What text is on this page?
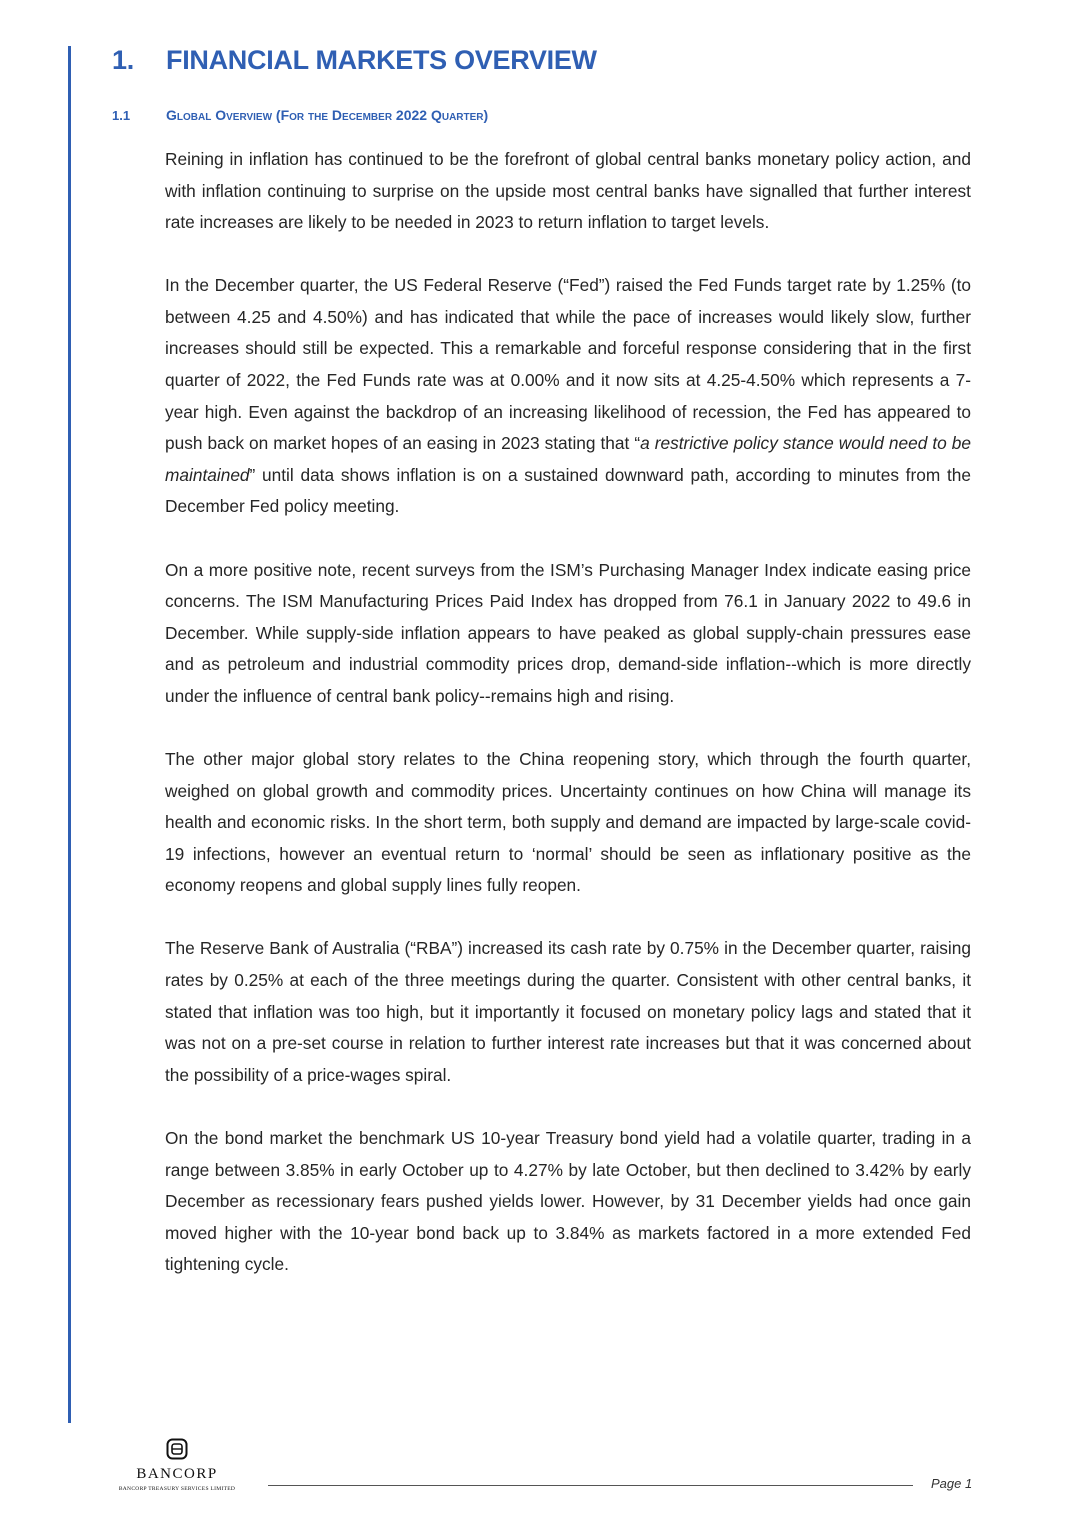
1. FINANCIAL MARKETS OVERVIEW
1.1	Global Overview (For the December 2022 Quarter)

Reining in inflation has continued to be the forefront of global central banks monetary policy action, and with inflation continuing to surprise on the upside most central banks have signalled that further interest rate increases are likely to be needed in 2023 to return inflation to target levels.

In the December quarter, the US Federal Reserve (“Fed”) raised the Fed Funds target rate by 1.25% (to between 4.25 and 4.50%) and has indicated that while the pace of increases would likely slow, further increases should still be expected. This a remarkable and forceful response considering that in the first quarter of 2022, the Fed Funds rate was at 0.00% and it now sits at 4.25-4.50% which represents a 7-year high. Even against the backdrop of an increasing likelihood of recession, the Fed has appeared to push back on market hopes of an easing in 2023 stating that “a restrictive policy stance would need to be maintained” until data shows inflation is on a sustained downward path, according to minutes from the December Fed policy meeting.

On a more positive note, recent surveys from the ISM’s Purchasing Manager Index indicate easing price concerns. The ISM Manufacturing Prices Paid Index has dropped from 76.1 in January 2022 to 49.6 in December. While supply-side inflation appears to have peaked as global supply-chain pressures ease and as petroleum and industrial commodity prices drop, demand-side inflation--which is more directly under the influence of central bank policy--remains high and rising.

The other major global story relates to the China reopening story, which through the fourth quarter, weighed on global growth and commodity prices. Uncertainty continues on how China will manage its health and economic risks. In the short term, both supply and demand are impacted by large-scale covid-19 infections, however an eventual return to ‘normal’ should be seen as inflationary positive as the economy reopens and global supply lines fully reopen.

The Reserve Bank of Australia (“RBA”) increased its cash rate by 0.75% in the December quarter, raising rates by 0.25% at each of the three meetings during the quarter. Consistent with other central banks, it stated that inflation was too high, but it importantly it focused on monetary policy lags and stated that it was not on a pre-set course in relation to further interest rate increases but that it was concerned about the possibility of a price-wages spiral.

On the bond market the benchmark US 10-year Treasury bond yield had a volatile quarter, trading in a range between 3.85% in early October up to 4.27% by late October, but then declined to 3.42% by early December as recessionary fears pushed yields lower. However, by 31 December yields had once gain moved higher with the 10-year bond back up to 3.84% as markets factored in a more extended Fed tightening cycle.

BANCORP
BANCORP TREASURY SERVICES LIMITED	Page 1
